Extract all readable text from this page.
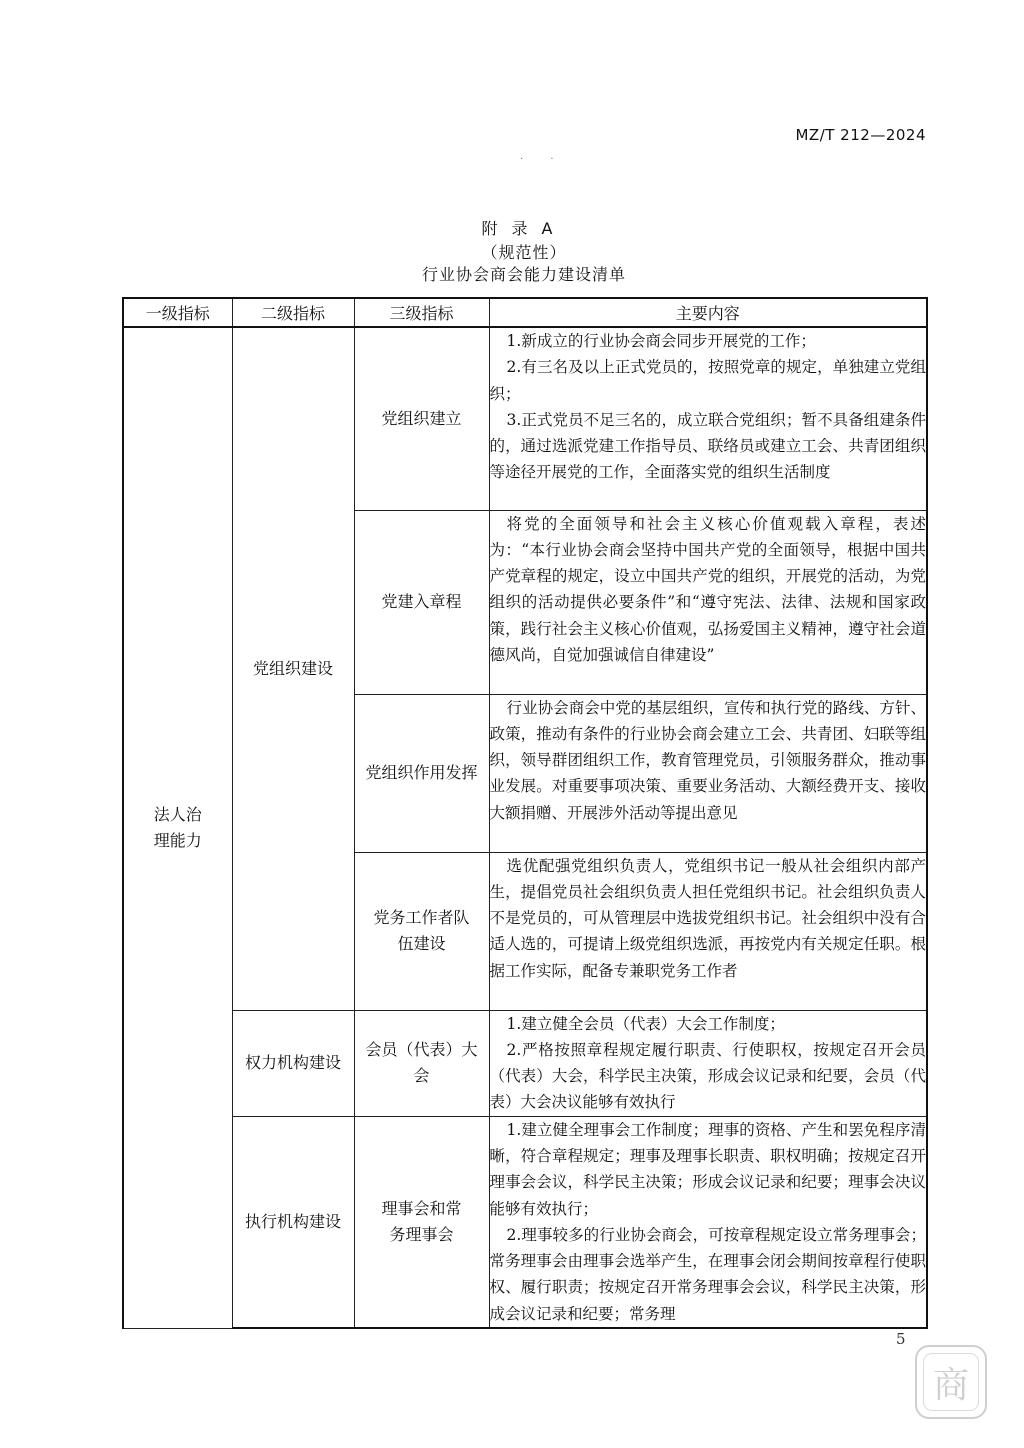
MZ/T 212—2024
· ·
附录A
（规范性）
行业协会商会能力建设清单
一级指标	二级指标	三级指标	主要内容

法人治理能力	党组织建设	党组织建立	1.新成立的行业协会商会同步开展党的工作；

2.有三名及以上正式党员的，按照党章的规定，单独建立党组织；

3.正式党员不足三名的，成立联合党组织；暂不具备组建条件的，通过选派党建工作指导员、联络员或建立工会、共青团组织等途径开展党的工作，全面落实党的组织生活制度

		党建入章程	将党的全面领导和社会主义核心价值观载入章程，表述为：“本行业协会商会坚持中国共产党的全面领导，根据中国共产党章程的规定，设立中国共产党的组织，开展党的活动，为党组织的活动提供必要条件”和“遵守宪法、法律、法规和国家政策，践行社会主义核心价值观，弘扬爱国主义精神，遵守社会道德风尚，自觉加强诚信自律建设”

		党组织作用发挥	行业协会商会中党的基层组织，宣传和执行党的路线、方针、政策，推动有条件的行业协会商会建立工会、共青团、妇联等组织，领导群团组织工作，教育管理党员，引领服务群众，推动事业发展。对重要事项决策、重要业务活动、大额经费开支、接收大额捐赠、开展涉外活动等提出意见

		党务工作者队伍建设	选优配强党组织负责人，党组织书记一般从社会组织内部产生，提倡党员社会组织负责人担任党组织书记。社会组织负责人不是党员的，可从管理层中选拔党组织书记。社会组织中没有合适人选的，可提请上级党组织选派，再按党内有关规定任职。根据工作实际，配备专兼职党务工作者

	权力机构建设	会员（代表）大会	1.建立健全会员（代表）大会工作制度；

2.严格按照章程规定履行职责、行使职权，按规定召开会员（代表）大会，科学民主决策，形成会议记录和纪要，会员（代表）大会决议能够有效执行

	执行机构建设	理事会和常务理事会	1.建立健全理事会工作制度；理事的资格、产生和罢免程序清晰，符合章程规定；理事及理事长职责、职权明确；按规定召开理事会会议，科学民主决策；形成会议记录和纪要；理事会决议能够有效执行；

2.理事较多的行业协会商会，可按章程规定设立常务理事会；常务理事会由理事会选举产生，在理事会闭会期间按章程行使职权、履行职责；按规定召开常务理事会会议，科学民主决策，形成会议记录和纪要；常务理

5
商
